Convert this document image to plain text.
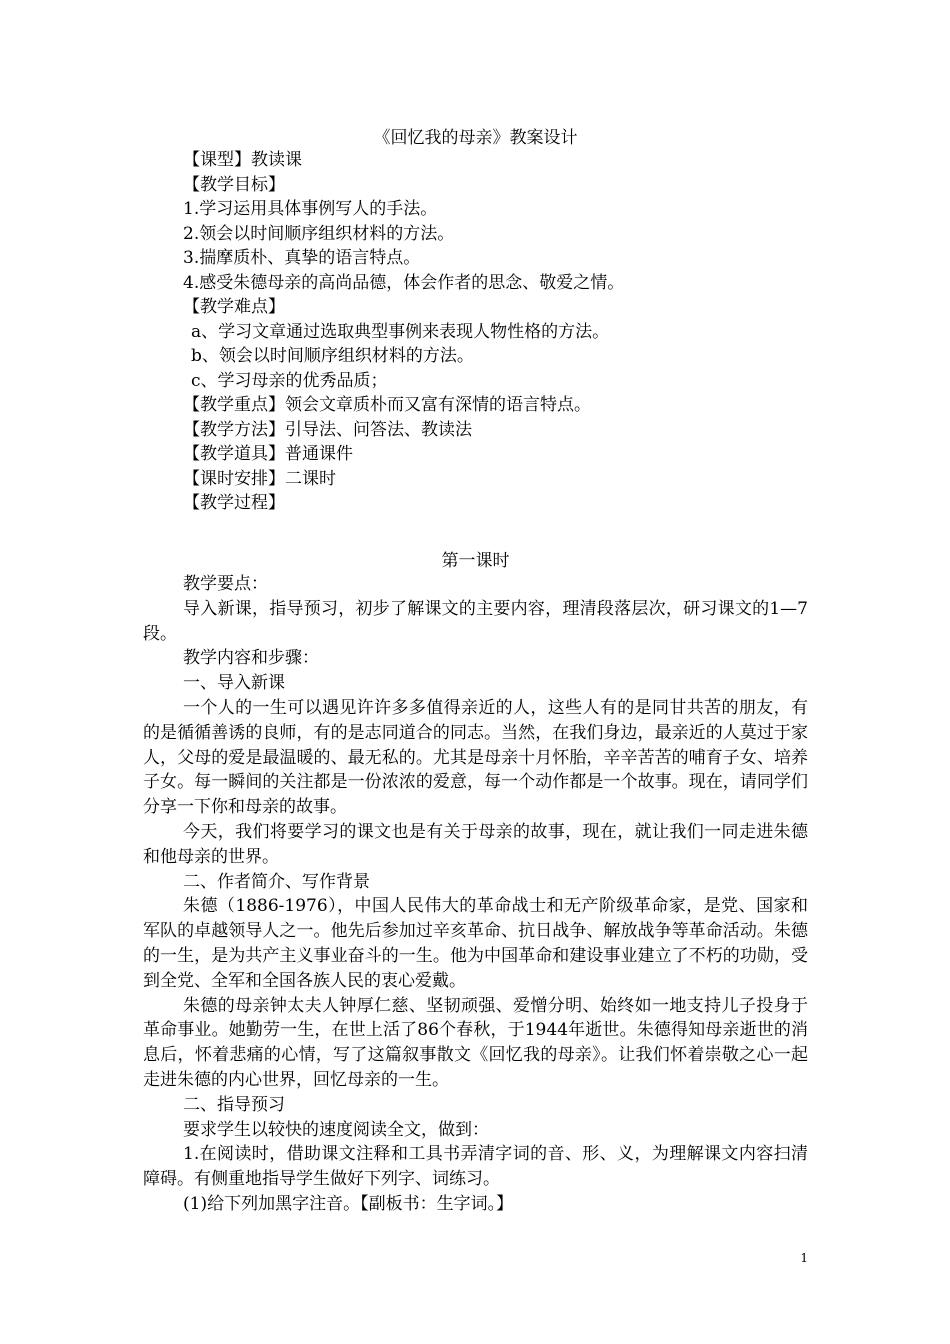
《回忆我的母亲》教案设计
【课型】教读课
【教学目标】
1.学习运用具体事例写人的手法。
2.领会以时间顺序组织材料的方法。
3.揣摩质朴、真挚的语言特点。
4.感受朱德母亲的高尚品德，体会作者的思念、敬爱之情。
【教学难点】
a、学习文章通过选取典型事例来表现人物性格的方法。
b、领会以时间顺序组织材料的方法。
c、学习母亲的优秀品质；
【教学重点】领会文章质朴而又富有深情的语言特点。
【教学方法】引导法、问答法、教读法
【教学道具】普通课件
【课时安排】二课时
【教学过程】
第一课时

教学要点：

导入新课，指导预习，初步了解课文的主要内容，理清段落层次，研习课文的1—7段。

教学内容和步骤：

一、导入新课

一个人的一生可以遇见许许多多值得亲近的人，这些人有的是同甘共苦的朋友，有的是循循善诱的良师，有的是志同道合的同志。当然，在我们身边，最亲近的人莫过于家人，父母的爱是最温暖的、最无私的。尤其是母亲十月怀胎，辛辛苦苦的哺育子女、培养子女。每一瞬间的关注都是一份浓浓的爱意，每一个动作都是一个故事。现在，请同学们分享一下你和母亲的故事。

今天，我们将要学习的课文也是有关于母亲的故事，现在，就让我们一同走进朱德和他母亲的世界。

二、作者简介、写作背景

朱德（1886-1976），中国人民伟大的革命战士和无产阶级革命家，是党、国家和军队的卓越领导人之一。他先后参加过辛亥革命、抗日战争、解放战争等革命活动。朱德的一生，是为共产主义事业奋斗的一生。他为中国革命和建设事业建立了不朽的功勋，受到全党、全军和全国各族人民的衷心爱戴。

朱德的母亲钟太夫人钟厚仁慈、坚韧顽强、爱憎分明、始终如一地支持儿子投身于革命事业。她勤劳一生，在世上活了86个春秋，于1944年逝世。朱德得知母亲逝世的消息后，怀着悲痛的心情，写了这篇叙事散文《回忆我的母亲》。让我们怀着崇敬之心一起走进朱德的内心世界，回忆母亲的一生。

二、指导预习

要求学生以较快的速度阅读全文，做到：

1.在阅读时，借助课文注释和工具书弄清字词的音、形、义，为理解课文内容扫清障碍。有侧重地指导学生做好下列字、词练习。

(1)给下列加黑字注音。【副板书：生字词。】

1
